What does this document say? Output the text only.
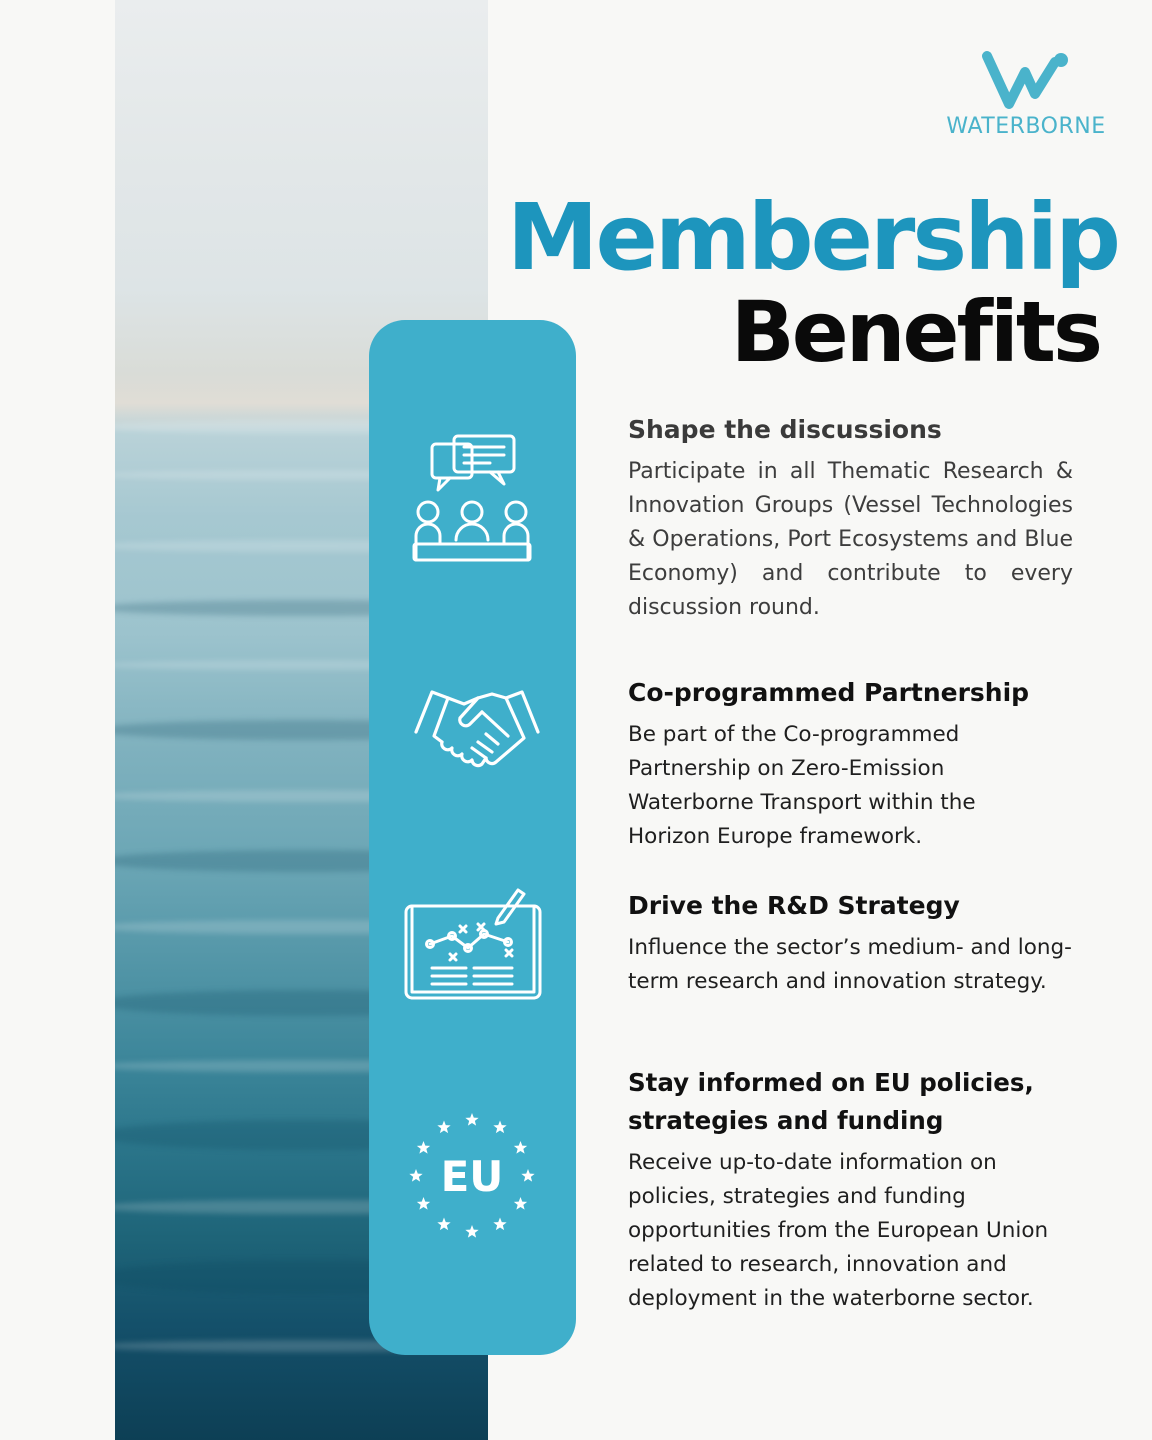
WATERBORNE
Membership
Benefits
EU
Shape the discussions
Participate in all Thematic Research & Innovation Groups (Vessel Technologies & Operations, Port Ecosystems and Blue Economy) and contribute to every discussion round.
Co-programmed Partnership
Be part of the Co-programmed Partnership on Zero-Emission Waterborne Transport within the Horizon Europe framework.
Drive the R&D Strategy
Influence the sector’s medium- and long-term research and innovation strategy.
Stay informed on EU policies, strategies and funding
Receive up-to-date information on policies, strategies and funding opportunities from the European Union related to research, innovation and deployment in the waterborne sector.
